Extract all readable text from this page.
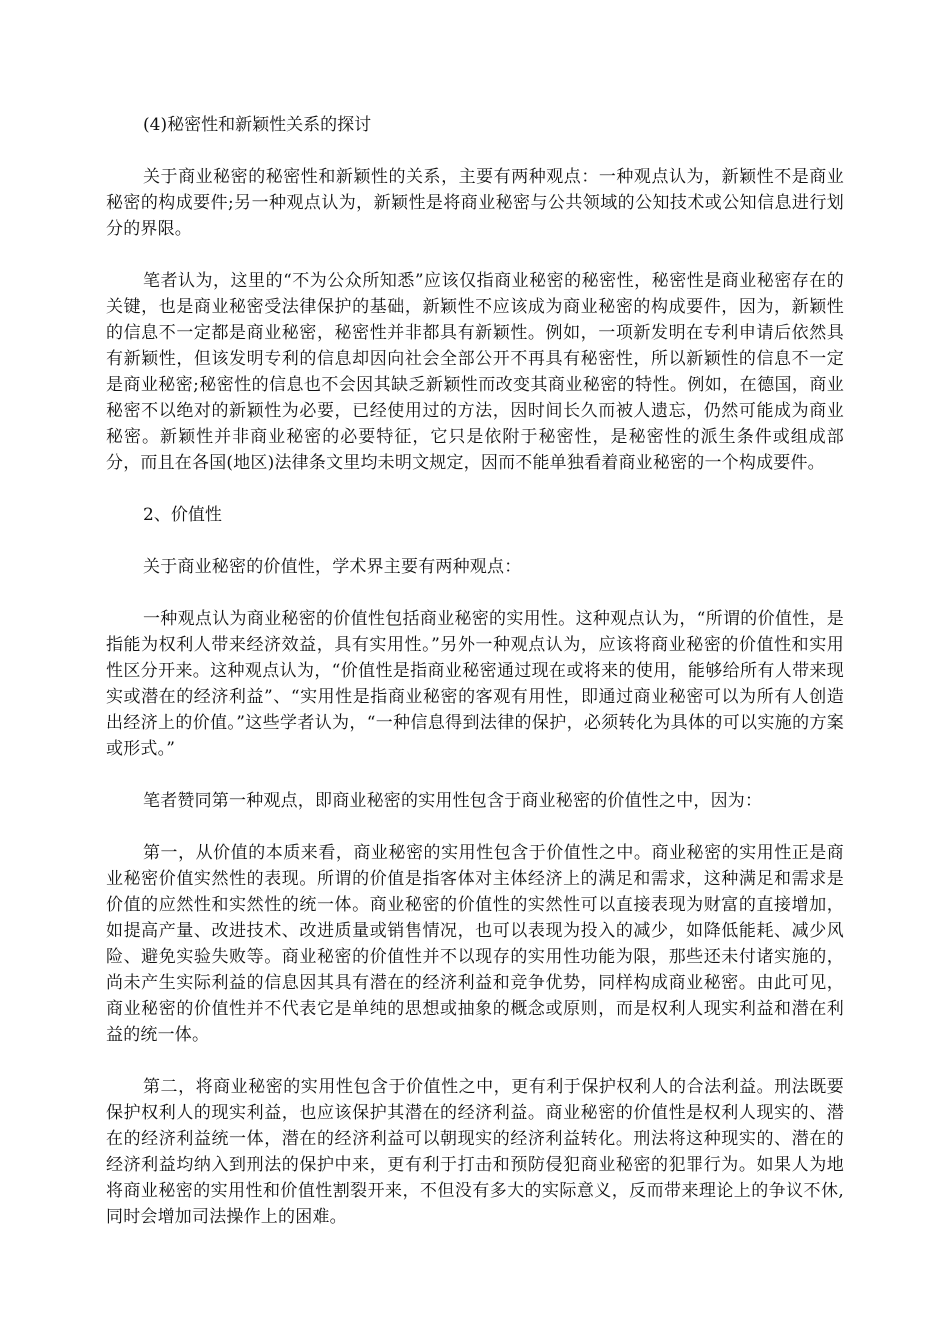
(4)秘密性和新颖性关系的探讨

关于商业秘密的秘密性和新颖性的关系，主要有两种观点：一种观点认为，新颖性不是商业秘密的构成要件;另一种观点认为，新颖性是将商业秘密与公共领域的公知技术或公知信息进行划分的界限。

笔者认为，这里的“不为公众所知悉”应该仅指商业秘密的秘密性，秘密性是商业秘密存在的关键，也是商业秘密受法律保护的基础，新颖性不应该成为商业秘密的构成要件，因为，新颖性的信息不一定都是商业秘密，秘密性并非都具有新颖性。例如，一项新发明在专利申请后依然具有新颖性，但该发明专利的信息却因向社会全部公开不再具有秘密性，所以新颖性的信息不一定是商业秘密;秘密性的信息也不会因其缺乏新颖性而改变其商业秘密的特性。例如，在德国，商业秘密不以绝对的新颖性为必要，已经使用过的方法，因时间长久而被人遗忘，仍然可能成为商业秘密。新颖性并非商业秘密的必要特征，它只是依附于秘密性，是秘密性的派生条件或组成部分，而且在各国(地区)法律条文里均未明文规定，因而不能单独看着商业秘密的一个构成要件。

2、价值性

关于商业秘密的价值性，学术界主要有两种观点：

一种观点认为商业秘密的价值性包括商业秘密的实用性。这种观点认为，“所谓的价值性，是指能为权利人带来经济效益，具有实用性。”另外一种观点认为，应该将商业秘密的价值性和实用性区分开来。这种观点认为，“价值性是指商业秘密通过现在或将来的使用，能够给所有人带来现实或潜在的经济利益”、“实用性是指商业秘密的客观有用性，即通过商业秘密可以为所有人创造出经济上的价值。”这些学者认为，“一种信息得到法律的保护，必须转化为具体的可以实施的方案或形式。”

笔者赞同第一种观点，即商业秘密的实用性包含于商业秘密的价值性之中，因为：

第一，从价值的本质来看，商业秘密的实用性包含于价值性之中。商业秘密的实用性正是商业秘密价值实然性的表现。所谓的价值是指客体对主体经济上的满足和需求，这种满足和需求是价值的应然性和实然性的统一体。商业秘密的价值性的实然性可以直接表现为财富的直接增加，如提高产量、改进技术、改进质量或销售情况，也可以表现为投入的减少，如降低能耗、减少风险、避免实验失败等。商业秘密的价值性并不以现存的实用性功能为限，那些还未付诸实施的，尚未产生实际利益的信息因其具有潜在的经济利益和竞争优势，同样构成商业秘密。由此可见，商业秘密的价值性并不代表它是单纯的思想或抽象的概念或原则，而是权利人现实利益和潜在利益的统一体。

第二，将商业秘密的实用性包含于价值性之中，更有利于保护权利人的合法利益。刑法既要保护权利人的现实利益，也应该保护其潜在的经济利益。商业秘密的价值性是权利人现实的、潜在的经济利益统一体，潜在的经济利益可以朝现实的经济利益转化。刑法将这种现实的、潜在的经济利益均纳入到刑法的保护中来，更有利于打击和预防侵犯商业秘密的犯罪行为。如果人为地将商业秘密的实用性和价值性割裂开来，不但没有多大的实际意义，反而带来理论上的争议不休,同时会增加司法操作上的困难。
